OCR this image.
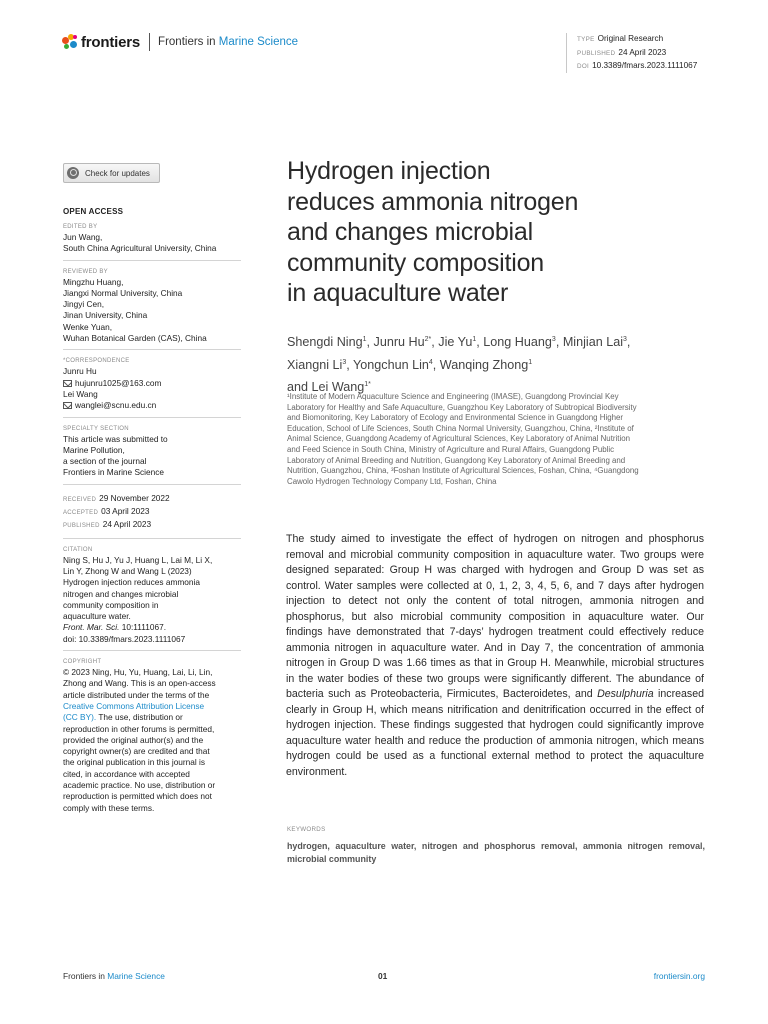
frontiers Frontiers in Marine Science	TYPE Original Research
PUBLISHED 24 April 2023
DOI 10.3389/fmars.2023.1111067
Check for updates
OPEN ACCESS
EDITED BY
Jun Wang,
South China Agricultural University, China
REVIEWED BY
Mingzhu Huang,
Jiangxi Normal University, China
Jingyi Cen,
Jinan University, China
Wenke Yuan,
Wuhan Botanical Garden (CAS), China
*CORRESPONDENCE
Junru Hu
hujunru1025@163.com
Lei Wang
wanglei@scnu.edu.cn
SPECIALTY SECTION
This article was submitted to
Marine Pollution,
a section of the journal
Frontiers in Marine Science
RECEIVED 29 November 2022
ACCEPTED 03 April 2023
PUBLISHED 24 April 2023
CITATION
Ning S, Hu J, Yu J, Huang L, Lai M, Li X,
Lin Y, Zhong W and Wang L (2023)
Hydrogen injection reduces ammonia
nitrogen and changes microbial
community composition in
aquaculture water.
Front. Mar. Sci. 10:1111067.
doi: 10.3389/fmars.2023.1111067
COPYRIGHT
© 2023 Ning, Hu, Yu, Huang, Lai, Li, Lin,
Zhong and Wang. This is an open-access
article distributed under the terms of the
Creative Commons Attribution License
(CC BY). The use, distribution or
reproduction in other forums is permitted,
provided the original author(s) and the
copyright owner(s) are credited and that
the original publication in this journal is
cited, in accordance with accepted
academic practice. No use, distribution or
reproduction is permitted which does not
comply with these terms.
Hydrogen injection
reduces ammonia nitrogen
and changes microbial
community composition
in aquaculture water
Shengdi Ning$^1$, Junru $Hu^{2*}$, Jie Yu$^1$, Long Huang$^3$, Minjian Lai$^3$,
Xiangni Li$^3$, Yongchun Lin$^4$, Wanqing Zhong$^1$
and Lei Wang$^{1*}$
¹Institute of Modern Aquaculture Science and Engineering (IMASE), Guangdong Provincial Key
Laboratory for Healthy and Safe Aquaculture, Guangzhou Key Laboratory of Subtropical Biodiversity
and Biomonitoring, Key Laboratory of Ecology and Environmental Science in Guangdong Higher
Education, School of Life Sciences, South China Normal University, Guangzhou, China, ²Institute of
Animal Science, Guangdong Academy of Agricultural Sciences, Key Laboratory of Animal Nutrition
and Feed Science in South China, Ministry of Agriculture and Rural Affairs, Guangdong Public
Laboratory of Animal Breeding and Nutrition, Guangdong Key Laboratory of Animal Breeding and
Nutrition, Guangzhou, China, ³Foshan Institute of Agricultural Sciences, Foshan, China, ⁴Guangdong
Cawolo Hydrogen Technology Company Ltd, Foshan, China

The study aimed to investigate the effect of hydrogen on nitrogen and phosphorus removal and microbial community composition in aquaculture water. Two groups were designed separated: Group H was charged with hydrogen and Group D was set as control. Water samples were collected at 0, 1, 2, 3, 4, 5, 6, and 7 days after hydrogen injection to detect not only the content of total nitrogen, ammonia nitrogen and phosphorus, but also microbial community composition in aquaculture water. Our findings have demonstrated that 7-days’ hydrogen treatment could effectively reduce ammonia nitrogen in aquaculture water. And in Day 7, the concentration of ammonia nitrogen in Group D was 1.66 times as that in Group H. Meanwhile, microbial structures in the water bodies of these two groups were significantly different. The abundance of bacteria such as Proteobacteria, Firmicutes, Bacteroidetes, and Desulphuria increased clearly in Group H, which means nitrification and denitrification occurred in the effect of hydrogen injection. These findings suggested that hydrogen could significantly improve aquaculture water health and reduce the production of ammonia nitrogen, which means hydrogen could be used as a functional external method to protect the aquaculture environment.

KEYWORDS
hydrogen, aquaculture water, nitrogen and phosphorus removal, ammonia nitrogen removal, microbial community
Frontiers in Marine Science	01	frontiersin.org
